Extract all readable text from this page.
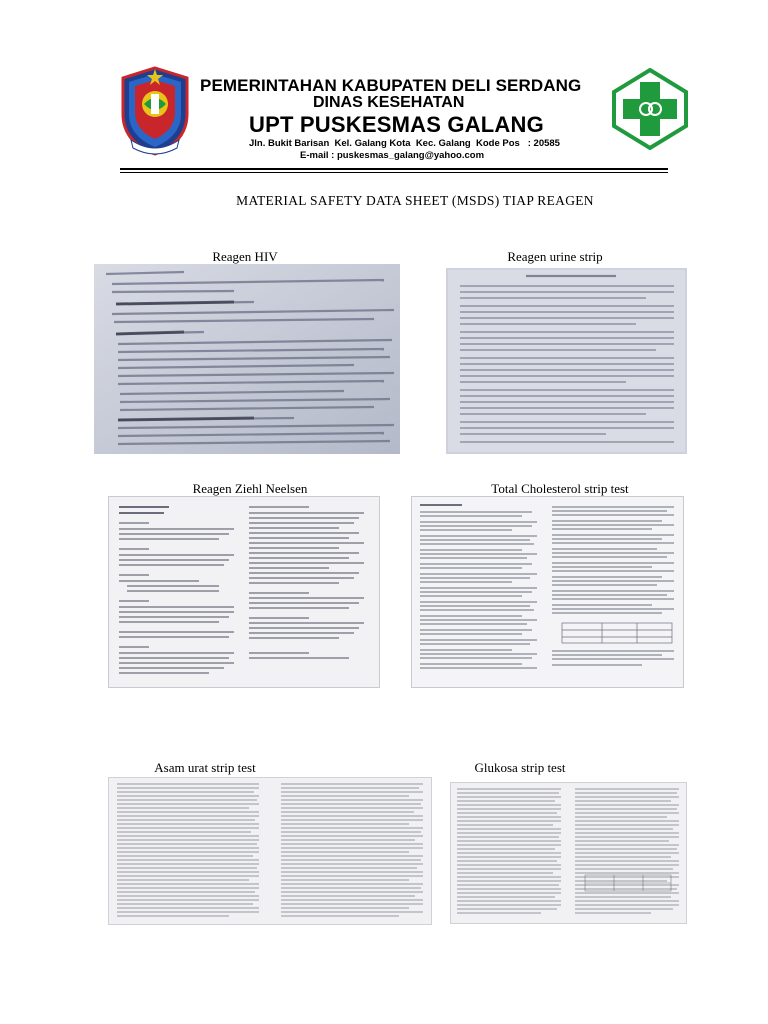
PEMERINTAHAN KABUPATEN DELI SERDANG
DINAS KESEHATAN
UPT PUSKESMAS GALANG
Jln. Bukit Barisan  Kel. Galang Kota  Kec. Galang  Kode Pos   : 20585
E-mail : puskesmas_galang@yahoo.com
MATERIAL SAFETY DATA SHEET (MSDS) TIAP REAGEN
Reagen HIV	Reagen urine strip
Reagen Ziehl Neelsen	Total Cholesterol strip test
Asam urat strip test	Glukosa strip test
